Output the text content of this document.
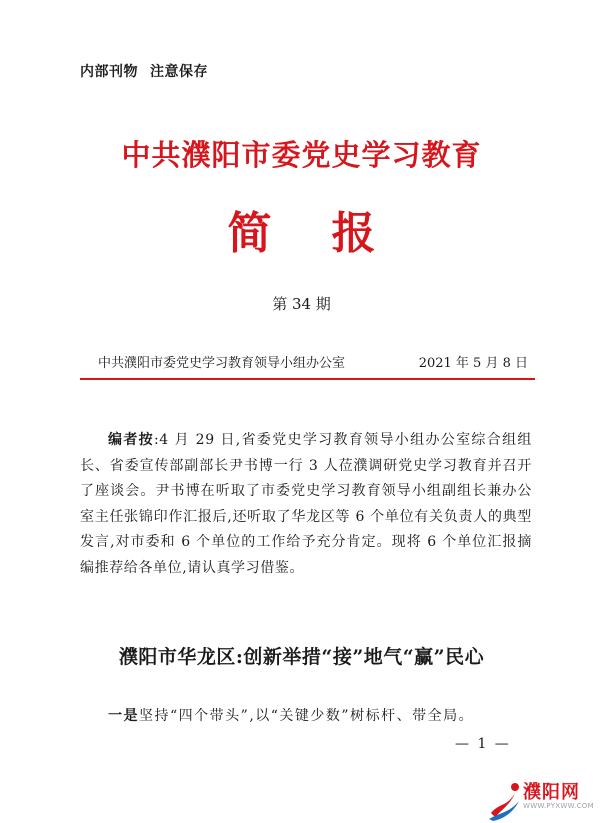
内部刊物 注意保存
中共濮阳市委党史学习教育
简报
第 34 期
中共濮阳市委党史学习教育领导小组办公室	2021 年 5 月 8 日
编者按:4 月 29 日,省委党史学习教育领导小组办公室综合组组长、省委宣传部副部长尹书博一行 3 人莅濮调研党史学习教育并召开了座谈会。尹书博在听取了市委党史学习教育领导小组副组长兼办公室主任张锦印作汇报后,还听取了华龙区等 6 个单位有关负责人的典型发言,对市委和 6 个单位的工作给予充分肯定。现将 6 个单位汇报摘编推荐给各单位,请认真学习借鉴。
濮阳市华龙区:创新举措“接”地气“赢”民心
一是坚持“四个带头”,以“关键少数”树标杆、带全局。
— 1 —
濮阳网
WWW.PYXWW.COM
